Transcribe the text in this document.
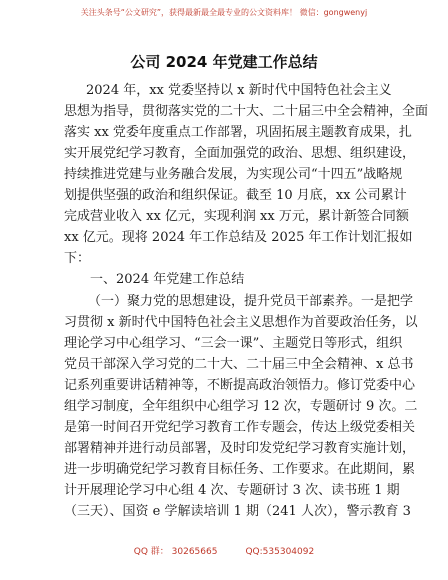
关注头条号“公文研究”，获得最新最全最专业的公文资料库！ 微信：gongwenyj
公司 2024 年党建工作总结
2024 年，xx 党委坚持以 x 新时代中国特色社会主义
思想为指导，贯彻落实党的二十大、二十届三中全会精神，全面
落实 xx 党委年度重点工作部署，巩固拓展主题教育成果，扎
实开展党纪学习教育，全面加强党的政治、思想、组织建设，
持续推进党建与业务融合发展，为实现公司“十四五”战略规
划提供坚强的政治和组织保证。截至 10 月底，xx 公司累计
完成营业收入 xx 亿元，实现利润 xx 万元，累计新签合同额
xx 亿元。现将 2024 年工作总结及 2025 年工作计划汇报如
下：
一、2024 年党建工作总结
（一）聚力党的思想建设，提升党员干部素养。一是把学
习贯彻 x 新时代中国特色社会主义思想作为首要政治任务，以
理论学习中心组学习、“三会一课”、主题党日等形式，组织
党员干部深入学习党的二十大、二十届三中全会精神、x 总书
记系列重要讲话精神等，不断提高政治领悟力。修订党委中心
组学习制度，全年组织中心组学习 12 次，专题研讨 9 次。二
是第一时间召开党纪学习教育工作专题会，传达上级党委相关
部署精神并进行动员部署，及时印发党纪学习教育实施计划，
进一步明确党纪学习教育目标任务、工作要求。在此期间，累
计开展理论学习中心组 4 次、专题研讨 3 次、读书班 1 期
（三天）、国资 e 学解读培训 1 期（241 人次），警示教育 3
QQ 群： 30265665	QQ:535304092
